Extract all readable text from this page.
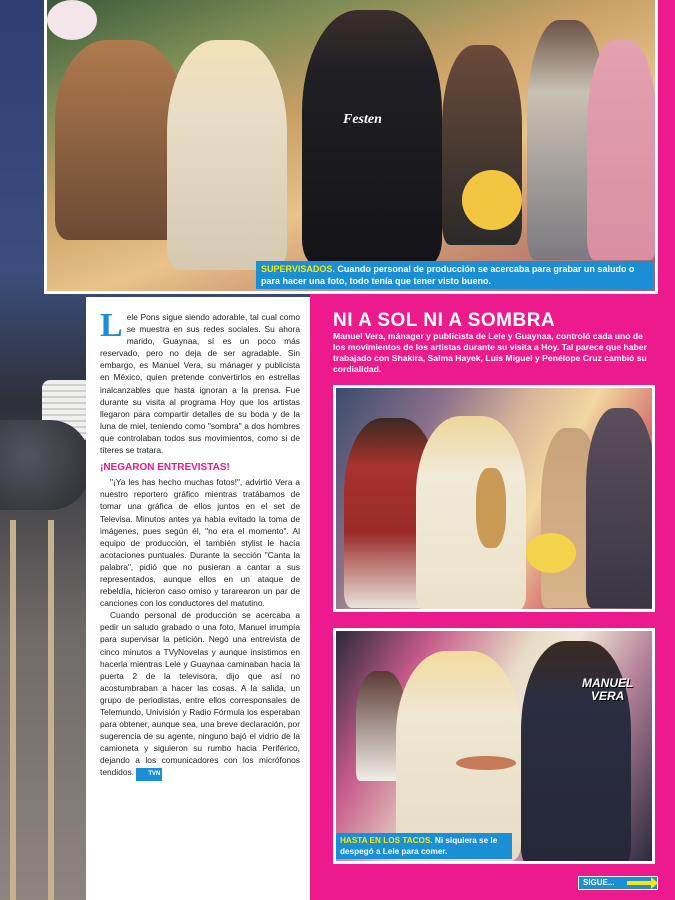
Festen
SUPERVISADOS. Cuando personal de producción se acercaba para grabar un saludo o para hacer una foto, todo tenía que tener visto bueno.

Lele Pons sigue siendo adorable, tal cual como se muestra en sus redes sociales. Su ahora marido, Guaynaa, sí es un poco más reservado, pero no deja de ser agradable. Sin embargo, es Manuel Vera, su mánager y publicista en México, quien pretende convertirlos en estrellas inalcanzables que hasta ignoran a la prensa. Fue durante su visita al programa Hoy que los artistas llegaron para compartir detalles de su boda y de la luna de miel, teniendo como "sombra" a dos hombres que controlaban todos sus movimientos, como si de títeres se tratara.

¡NEGARON ENTREVISTAS!

"¡Ya les has hecho muchas fotos!", advirtió Vera a nuestro reportero gráfico mientras tratábamos de tomar una gráfica de ellos juntos en el set de Televisa. Minutos antes ya había evitado la toma de imágenes, pues según él, "no era el momento". Al equipo de producción, el también stylist le hacía acotaciones puntuales. Durante la sección "Canta la palabra", pidió que no pusieran a cantar a sus representados, aunque ellos en un ataque de rebeldía, hicieron caso omiso y tararearon un par de canciones con los conductores del matutino.

Cuando personal de producción se acercaba a pedir un saludo grabado o una foto, Manuel irrumpía para supervisar la petición. Negó una entrevista de cinco minutos a TVyNovelas y aunque insistimos en hacerla mientras Lele y Guaynaa caminaban hacia la puerta 2 de la televisora, dijo que así no acostumbraban a hacer las cosas. A la salida, un grupo de periodistas, entre ellos corresponsales de Telemundo, Univisión y Radio Fórmula los esperaban para obtener, aunque sea, una breve declaración, por sugerencia de su agente, ninguno bajó el vidrio de la camioneta y siguieron su rumbo hacia Periférico, dejando a los comunicadores con los micrófonos tendidos. TVN

NI A SOL NI A SOMBRA
Manuel Vera, mánager y publicista de Lele y Guaynaa, controló cada uno de los movimientos de los artistas durante su visita a Hoy. Tal parece que haber trabajado con Shakira, Salma Hayek, Luis Miguel y Penélope Cruz cambió su cordialidad.
MANUEL
VERA
HASTA EN LOS TACOS. Ni siquiera se le despegó a Lele para comer.
SIGUE...
